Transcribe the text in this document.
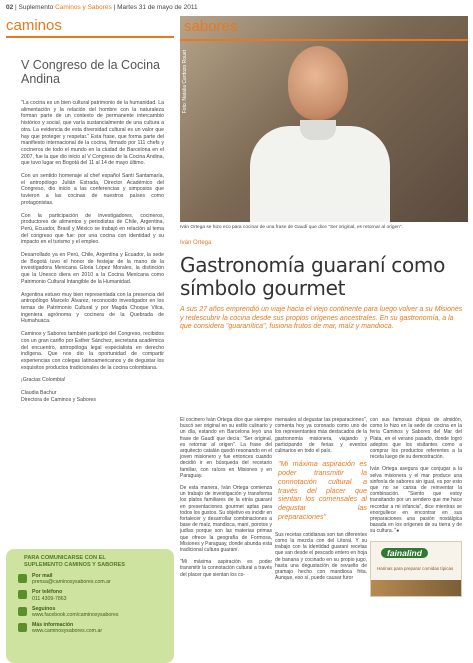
02 | Suplemento Caminos y Sabores | Martes 31 de mayo de 2011
caminos
V Congreso de la Cocina Andina

"La cocina es un bien cultural patrimonio de la humanidad. La alimentación y la relación del hombre con la naturaleza forman parte de un contexto de permanente intercambio histórico y social, que varía sustancialmente de una cultura a otra. La evidencia de esta diversidad cultural es un valor que hay que proteger y respetar." Esta frase, que forma parte del manifiesto internacional de la cocina, firmado por 111 chefs y cocineros de todo el mundo en la ciudad de Barcelona en el 2007, fue la que dio inicio al V Congreso de la Cocina Andina, que tuvo lugar en Bogotá del 11 al 14 de mayo último.

Con un sentido homenaje al chef español Santi Santamaría, el antropólogo Julián Estrada, Director Académico del Congreso, dio inicio a las conferencias y simposios que tuvieron a las cocinas de nuestros países como protagonistas.

Con la participación de investigadores, cocineros, productores de alimentos y periodistas de Chile, Argentina, Perú, Ecuador, Brasil y México se trabajó en relación al tema del congreso que fue: por una cocina con identidad y su impacto en el turismo y el empleo.

Desarrollado ya en Perú, Chile, Argentina y Ecuador, la sede de Bogotá tuvo el honor de festejar de la mano de la investigadora Mexicana Gloria López Morales, la distinción que la Unesco diera en 2010 a la Cocina Mexicana como Patrimonio Cultural Intangible de la Humanidad.

Argentina estuvo muy bien representada con la presencia del antropólogo Marcelo Álvarez, reconocido investigador en los temas de Patrimonio Cultural y por Magda Choque Vilca, ingeniera agrónoma y cocinera de la Quebrada de Humahuaca.

Caminos y Sabores también participó del Congreso, recibidos con un gran cariño por Esther Sánchez, secretaria académica del encuentro, antropóloga legal especialista en derecho indígena. Que nos dio la oportunidad de compartir experiencias con colegas latinoamericanos y de degustar los exquisitos productos tradicionales de la cocina colombiana.

¡Gracias Colombia!

Claudia Bachur
Directora de Caminos y Sabores
PARA COMUNICARSE CON EL
SUPLEMENTO CAMINOS Y SABORES
Por mail
prensa@caminosysabores.com.ar
Por teléfono
011 4309-7863
Seguinos
www.facebook.com/caminosysabores
Más información
www.caminosysabores.com.ar
sabores
Foto: Natalia Cardozo Rouet
Iván Ortega se hizo eco para cocinar de una frase de Gaudí que dice "Ser original, es retornar al origen".
Iván Ortega
Gastronomía guaraní como
símbolo gourmet
A sus 27 años emprendió un viaje hacia el viejo continente para luego volver a su Misiones y redescubrir la cocina desde sus propios orígenes ancestrales. En su gastronomía, a la que considera "guaranítica", fusiona frutos de mar, maíz y mandioca.

El cocinero Iván Ortega dice que siempre buscó ser original en su estilo culinario y un día, estando en Barcelona leyó una frase de Gaudí que decía: "Ser original, es retornar al origen". La frase del arquitecto catalán quedó resonando en el joven misionero y fue entonces cuando decidió ir en búsqueda del recetario familiar, con raíces en Misiones y en Paraguay.

De esta manera, Iván Ortega comienza un trabajo de investigación y transforma los platos familiares de la etnia guaraní en presentaciones gourmet aptas para todos los gustos. Su objetivo es incidir en fortalecer y desarrollar combinaciones a base de maíz, mandioca, maní, porotos y judías porque son las materias primas que ofrece la geografía de Formosa, Misiones y Paraguay, donde abunda esta tradicional cultura guaraní.

"Mi máxima aspiración es poder transmitir la connotación cultural a través del placer que sientan los co-

mensales al degustar las preparaciones", comenta hoy ya coronado como uno de los representantes más destacados de la gastronomía misionera, viajando y participando de ferias y eventos culinarios en todo el país.

"Mi máxima aspiración es poder transmitir la connotación cultural a través del placer que sientan los comensales al degustar las preparaciones"

Sus recetas cotidianas son tan diferentes como la mezcla con del Litoral. Y su trabajo con la identidad guaraní recetas que van desde el pescado entero en hoja de banana y cocinado en su propio jugo, hasta una degustación de revuelto de gramajo hecho con mandioca frita. Aunque, eso sí, puede causar furor

con sus famosas chipas de almidón, como lo hizo en la sede de cocina en la feria Caminos y Sabores del Mar del Plata, en el verano pasado, donde logró adeptos que los visitantes como a comprar los productos referentes a la receta luego de su demostración.

Iván Ortega asegura que conjugar a la selva misionera y el mar produce una sinfonía de sabores sin igual, es por esto que no se cansa de reinventar la combinación. "Siento que estoy transitando por un sendero que me hace recordar a mi infancia", dice mientras se enorgullece en encontrar en sus preparaciones una pasión nostálgica basada en los orígenes de su tierra y de su cultura. "●

fainalind
Harinas para preparar comidas típicas
